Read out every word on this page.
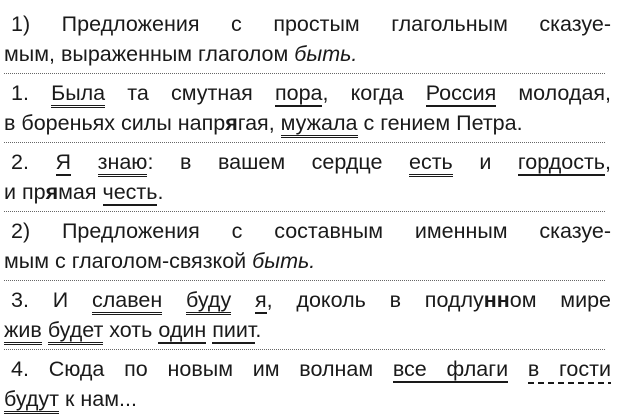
1) Предложения с простым глагольным сказуе-
мым, выраженным глаголом быть.
1. Была та смутная пора, когда Россия молодая,
в бореньях силы напрягая, мужала с гением Петра.
2. Я знаю: в вашем сердце есть и гордость,
и прямая честь.
2) Предложения с составным именным сказуе-
мым с глаголом-связкой быть.
3. И славен буду я, доколь в подлунном мире
жив будет хоть один пиит.
4. Сюда по новым им волнам все флаги в гости
будут к нам...
